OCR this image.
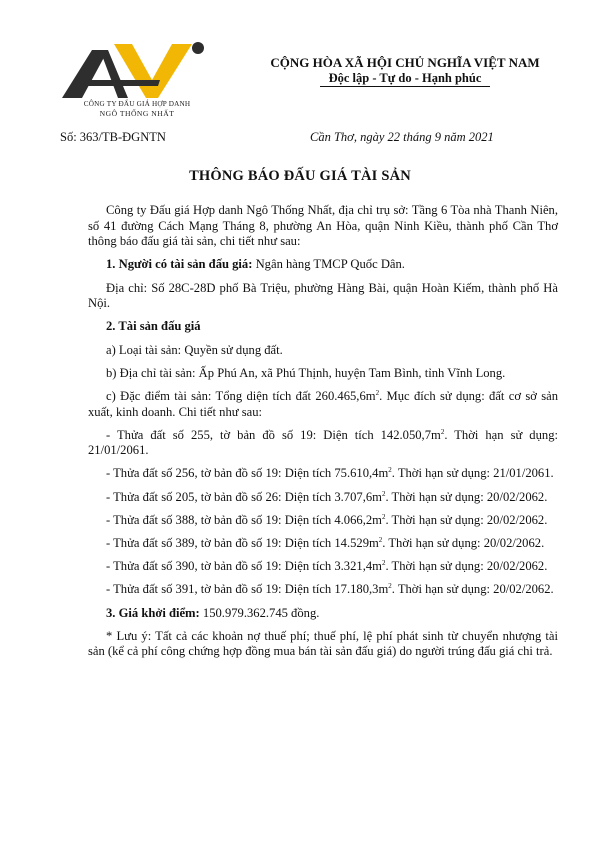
CÔNG TY ĐẤU GIÁ HỢP DANH
NGÔ THỐNG NHẤT
CỘNG HÒA XÃ HỘI CHỦ NGHĨA VIỆT NAM
Độc lập - Tự do - Hạnh phúc
Số: 363/TB-ĐGNTN	Cần Thơ, ngày 22 tháng 9 năm 2021
THÔNG BÁO ĐẤU GIÁ TÀI SẢN

Công ty Đấu giá Hợp danh Ngô Thống Nhất, địa chỉ trụ sở: Tầng 6 Tòa nhà Thanh Niên, số 41 đường Cách Mạng Tháng 8, phường An Hòa, quận Ninh Kiều, thành phố Cần Thơ thông báo đấu giá tài sản, chi tiết như sau:

1. Người có tài sản đấu giá: Ngân hàng TMCP Quốc Dân.

Địa chỉ: Số 28C-28D phố Bà Triệu, phường Hàng Bài, quận Hoàn Kiếm, thành phố Hà Nội.

2. Tài sản đấu giá

a) Loại tài sản: Quyền sử dụng đất.

b) Địa chỉ tài sản: Ấp Phú An, xã Phú Thịnh, huyện Tam Bình, tỉnh Vĩnh Long.

c) Đặc điểm tài sản: Tổng diện tích đất $260.465,6m^2$. Mục đích sử dụng: đất cơ sở sản xuất, kinh doanh. Chi tiết như sau:

- Thửa đất số 255, tờ bản đồ số 19: Diện tích $142.050,7m^2$. Thời hạn sử dụng: 21/01/2061.

- Thửa đất số 256, tờ bản đồ số 19: Diện tích $75.610,4m^2$. Thời hạn sử dụng: 21/01/2061.

- Thửa đất số 205, tờ bản đồ số 26: Diện tích $3.707,6m^2$. Thời hạn sử dụng: 20/02/2062.

- Thửa đất số 388, tờ bản đồ số 19: Diện tích $4.066,2m^2$. Thời hạn sử dụng: 20/02/2062.

- Thửa đất số 389, tờ bản đồ số 19: Diện tích $14.529m^2$. Thời hạn sử dụng: 20/02/2062.

- Thửa đất số 390, tờ bản đồ số 19: Diện tích $3.321,4m^2$. Thời hạn sử dụng: 20/02/2062.

- Thửa đất số 391, tờ bản đồ số 19: Diện tích $17.180,3m^2$. Thời hạn sử dụng: 20/02/2062.

3. Giá khởi điểm: 150.979.362.745 đồng.

* Lưu ý: Tất cả các khoản nợ thuế phí; thuế phí, lệ phí phát sinh từ chuyển nhượng tài sản (kể cả phí công chứng hợp đồng mua bán tài sản đấu giá) do người trúng đấu giá chi trả.
